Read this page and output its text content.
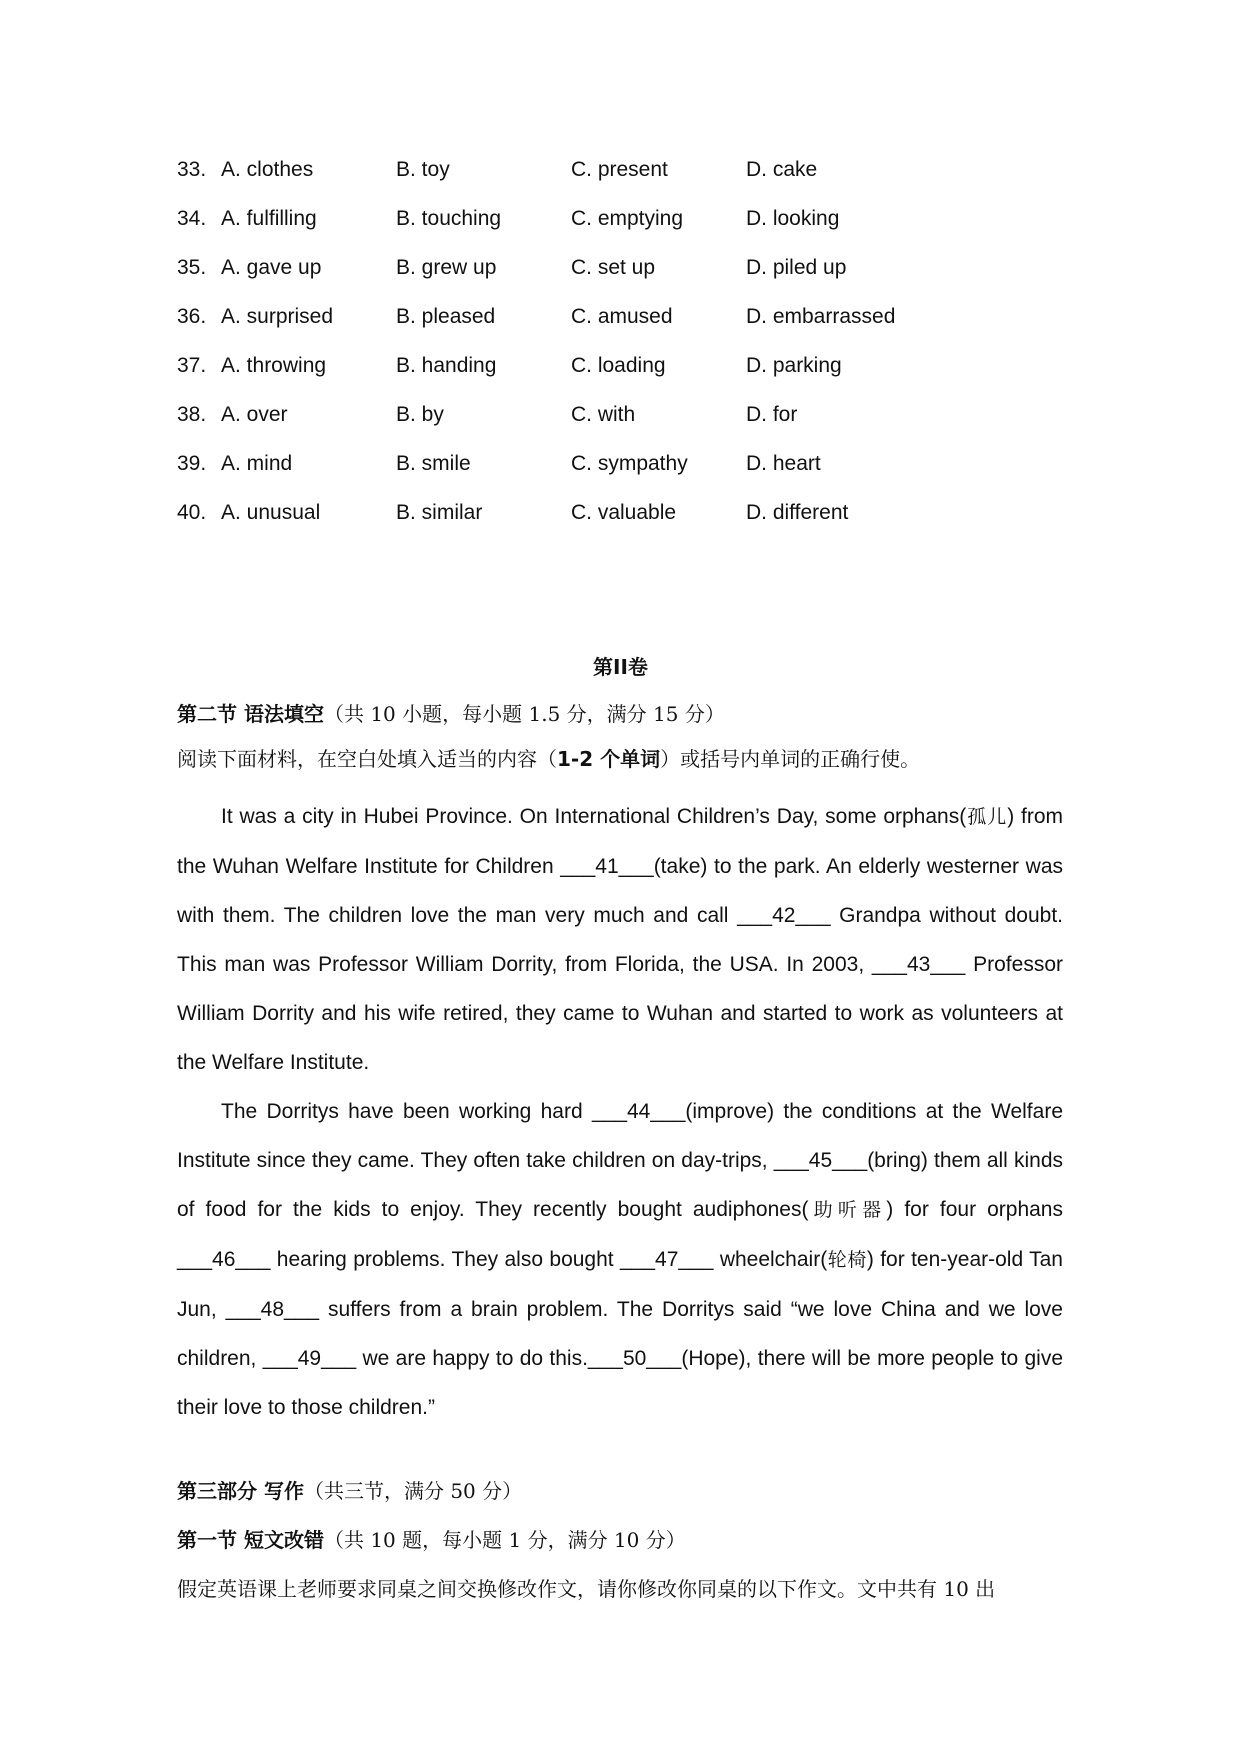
33. A. clothes	B. toy	C. present	D. cake
34. A. fulfilling	B. touching	C. emptying	D. looking
35. A. gave up	B. grew up	C. set up	D. piled up
36. A. surprised	B. pleased	C. amused	D. embarrassed
37. A. throwing	B. handing	C. loading	D. parking
38. A. over	B. by	C. with	D. for
39. A. mind	B. smile	C. sympathy	D. heart
40. A. unusual	B. similar	C. valuable	D. different
第II卷
第二节 语法填空（共 10 小题，每小题 1.5 分，满分 15 分）
阅读下面材料，在空白处填入适当的内容（1-2 个单词）或括号内单词的正确行使。

It was a city in Hubei Province. On International Children’s Day, some orphans(孤儿) from the Wuhan Welfare Institute for Children ___41___(take) to the park. An elderly westerner was with them. The children love the man very much and call ___42___ Grandpa without doubt. This man was Professor William Dorrity, from Florida, the USA. In 2003, ___43___ Professor William Dorrity and his wife retired, they came to Wuhan and started to work as volunteers at the Welfare Institute.

The Dorritys have been working hard ___44___(improve) the conditions at the Welfare Institute since they came. They often take children on day-trips, ___45___(bring) them all kinds of food for the kids to enjoy. They recently bought audiphones(助听器) for four orphans ___46___ hearing problems. They also bought ___47___ wheelchair(轮椅) for ten-year-old Tan Jun, ___48___ suffers from a brain problem. The Dorritys said “we love China and we love children, ___49___ we are happy to do this.___50___(Hope), there will be more people to give their love to those children.”

第三部分 写作（共三节，满分 50 分）
第一节 短文改错（共 10 题，每小题 1 分，满分 10 分）
假定英语课上老师要求同桌之间交换修改作文，请你修改你同桌的以下作文。文中共有 10 出
